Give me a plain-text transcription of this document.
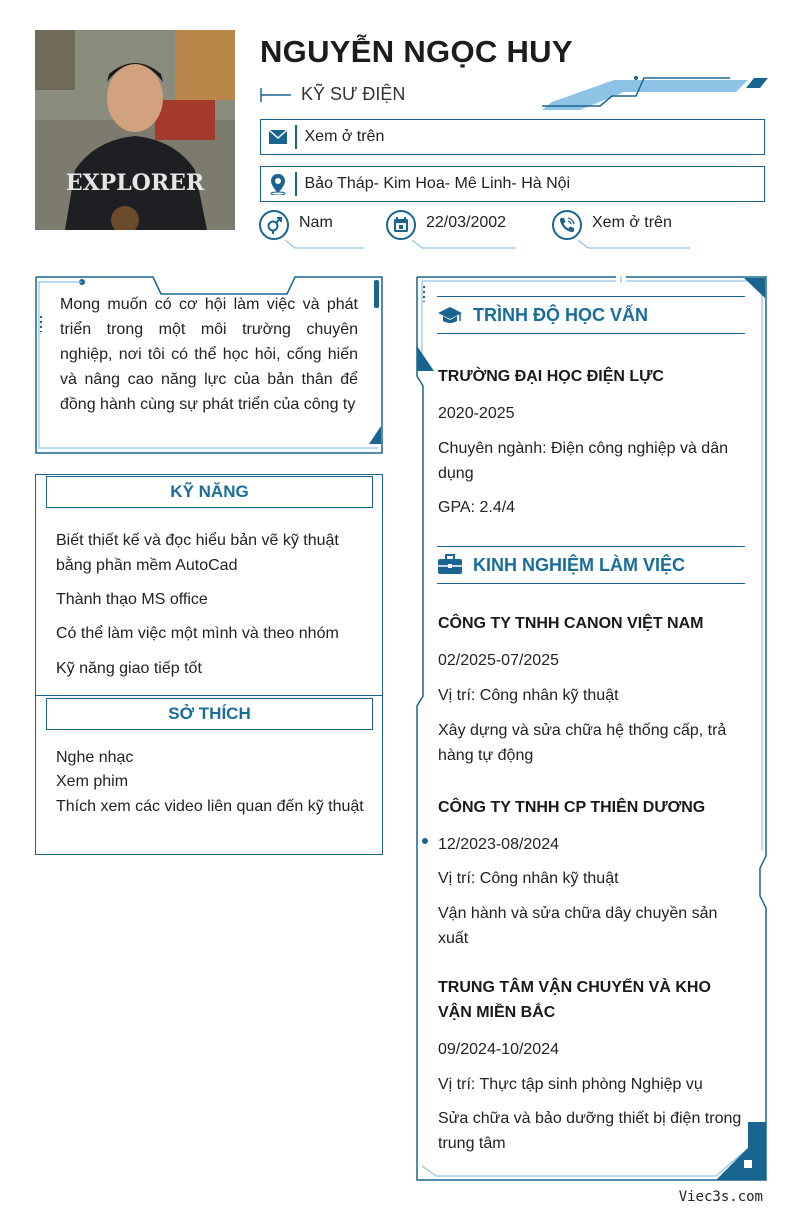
EXPLORER
NGUYỄN NGỌC HUY
KỸ SƯ ĐIỆN
Xem ở trên
Bảo Tháp- Kim Hoa- Mê Linh- Hà Nội
Nam	22/03/2002	Xem ở trên
Mong muốn có cơ hội làm việc và phát triển trong một môi trường chuyên nghiệp, nơi tôi có thể học hỏi, cống hiến và nâng cao năng lực của bản thân để đồng hành cùng sự phát triển của công ty
KỸ NĂNG
Biết thiết kế và đọc hiểu bản vẽ kỹ thuật bằng phần mềm AutoCad
Thành thạo MS office
Có thể làm việc một mình và theo nhóm
Kỹ năng giao tiếp tốt
SỞ THÍCH
Nghe nhạc
Xem phim
Thích xem các video liên quan đến kỹ thuật
TRÌNH ĐỘ HỌC VẤN
TRƯỜNG ĐẠI HỌC ĐIỆN LỰC
2020-2025
Chuyên ngành: Điện công nghiệp và dân dụng
GPA: 2.4/4
KINH NGHIỆM LÀM VIỆC
CÔNG TY TNHH CANON VIỆT NAM
02/2025-07/2025
Vị trí: Công nhân kỹ thuật
Xây dựng và sửa chữa hệ thống cấp, trả hàng tự động
CÔNG TY TNHH CP THIÊN DƯƠNG
12/2023-08/2024
Vị trí: Công nhân kỹ thuật
Vận hành và sửa chữa dây chuyền sản xuất
TRUNG TÂM VẬN CHUYỂN VÀ KHO VẬN MIỀN BẮC
09/2024-10/2024
Vị trí: Thực tập sinh phòng Nghiệp vụ
Sửa chữa và bảo dưỡng thiết bị điện trong trung tâm
Viec3s.com
